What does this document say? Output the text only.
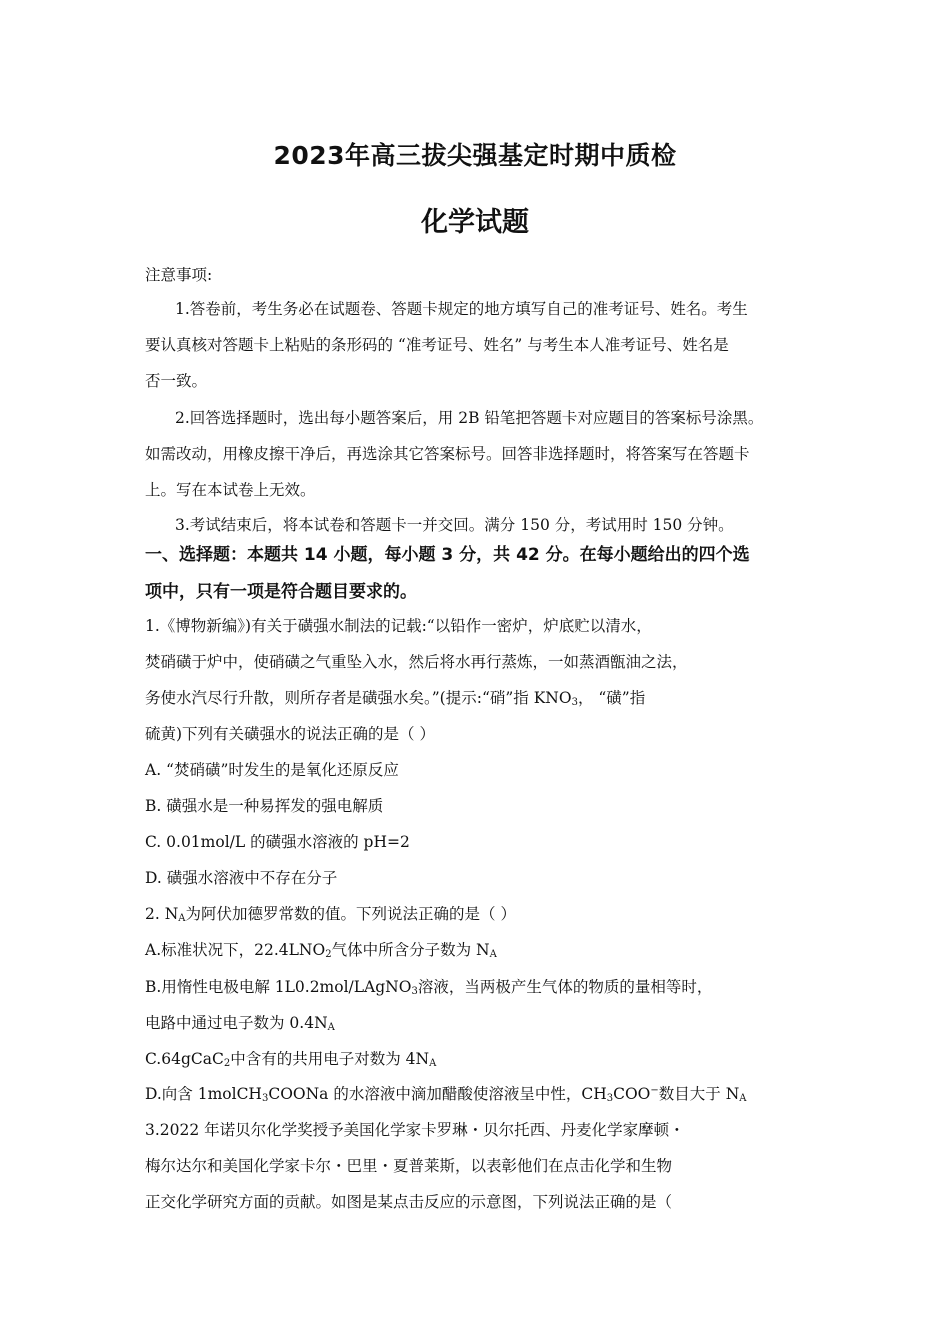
2023年高三拔尖强基定时期中质检
化学试题
注意事项:
1.答卷前，考生务必在试题卷、答题卡规定的地方填写自己的准考证号、姓名。考生
要认真核对答题卡上粘贴的条形码的 “准考证号、姓名” 与考生本人准考证号、姓名是
否一致。
2.回答选择题时，选出每小题答案后，用 2B 铅笔把答题卡对应题目的答案标号涂黑。
如需改动，用橡皮擦干净后，再选涂其它答案标号。回答非选择题时，将答案写在答题卡
上。写在本试卷上无效。
3.考试结束后，将本试卷和答题卡一并交回。满分 150 分，考试用时 150 分钟。
一、选择题：本题共 14 小题，每小题 3 分，共 42 分。在每小题给出的四个选
项中，只有一项是符合题目要求的。
1.《博物新编》)有关于磺强水制法的记载:“以铅作一密炉，炉底贮以清水，
焚硝磺于炉中，使硝磺之气重坠入水，然后将水再行蒸炼，一如蒸酒甑油之法，
务使水汽尽行升散，则所存者是磺强水矣。”(提示:“硝”指 $KNO_3$， “磺”指
硫黄)下列有关磺强水的说法正确的是（ ）
A. “焚硝磺”时发生的是氧化还原反应
B. 磺强水是一种易挥发的强电解质
C. 0.01mol/L 的磺强水溶液的 pH=2
D. 磺强水溶液中不存在分子
2. $N_A$为阿伏加德罗常数的值。下列说法正确的是（ ）
A.标准状况下，$22.4LNO_2$气体中所含分子数为 $N_A$
B.用惰性电极电解 1L0.2mol/LAgNO$_3$溶液，当两极产生气体的物质的量相等时，
电路中通过电子数为 $0.4N_A$
C.64gCaC$_2$中含有的共用电子对数为 $4N_A$
D.向含 1molCH$_3$COONa 的水溶液中滴加醋酸使溶液呈中性，$CH_3COO^-$数目大于 $N_A$
3.2022 年诺贝尔化学奖授予美国化学家卡罗琳・贝尔托西、丹麦化学家摩顿・
梅尔达尔和美国化学家卡尔・巴里・夏普莱斯，以表彰他们在点击化学和生物
正交化学研究方面的贡献。如图是某点击反应的示意图，下列说法正确的是（
